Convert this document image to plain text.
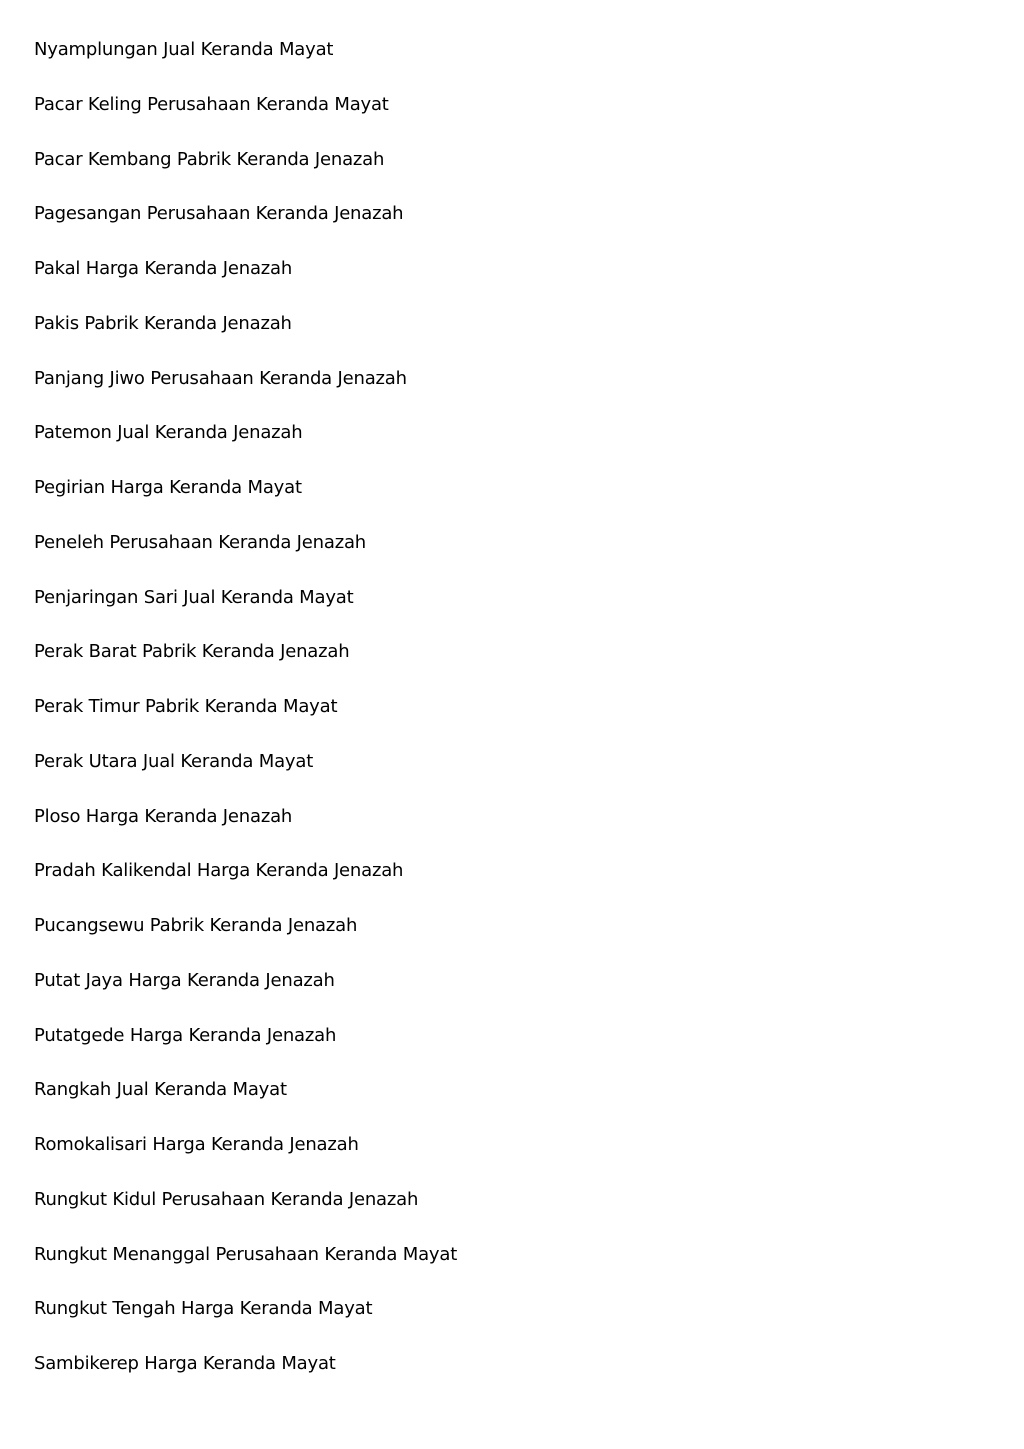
Nyamplungan Jual Keranda Mayat
Pacar Keling Perusahaan Keranda Mayat
Pacar Kembang Pabrik Keranda Jenazah
Pagesangan Perusahaan Keranda Jenazah
Pakal Harga Keranda Jenazah
Pakis Pabrik Keranda Jenazah
Panjang Jiwo Perusahaan Keranda Jenazah
Patemon Jual Keranda Jenazah
Pegirian Harga Keranda Mayat
Peneleh Perusahaan Keranda Jenazah
Penjaringan Sari Jual Keranda Mayat
Perak Barat Pabrik Keranda Jenazah
Perak Timur Pabrik Keranda Mayat
Perak Utara Jual Keranda Mayat
Ploso Harga Keranda Jenazah
Pradah Kalikendal Harga Keranda Jenazah
Pucangsewu Pabrik Keranda Jenazah
Putat Jaya Harga Keranda Jenazah
Putatgede Harga Keranda Jenazah
Rangkah Jual Keranda Mayat
Romokalisari Harga Keranda Jenazah
Rungkut Kidul Perusahaan Keranda Jenazah
Rungkut Menanggal Perusahaan Keranda Mayat
Rungkut Tengah Harga Keranda Mayat
Sambikerep Harga Keranda Mayat
